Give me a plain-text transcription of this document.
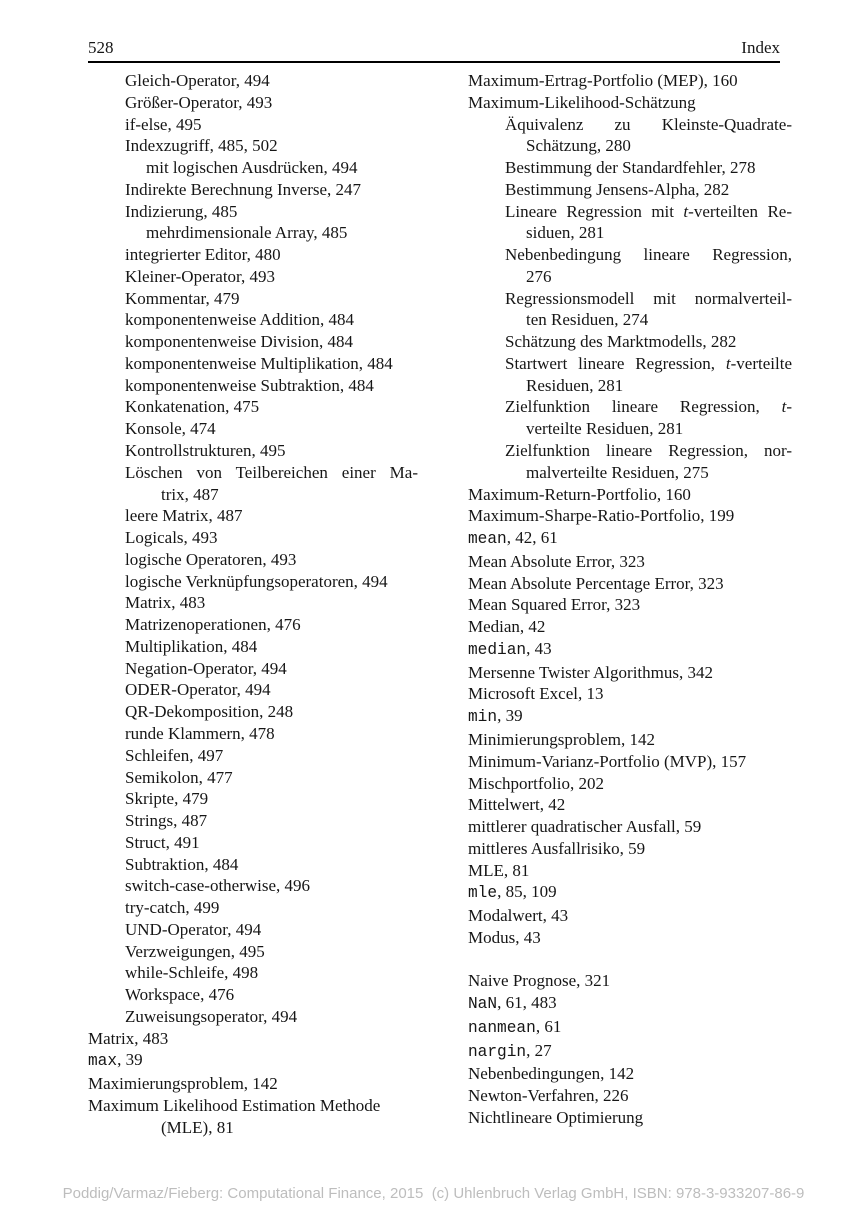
528	Index
Gleich-Operator, 494
Größer-Operator, 493
if-else, 495
Indexzugriff, 485, 502
mit logischen Ausdrücken, 494
Indirekte Berechnung Inverse, 247
Indizierung, 485
mehrdimensionale Array, 485
integrierter Editor, 480
Kleiner-Operator, 493
Kommentar, 479
komponentenweise Addition, 484
komponentenweise Division, 484
komponentenweise Multiplikation, 484
komponentenweise Subtraktion, 484
Konkatenation, 475
Konsole, 474
Kontrollstrukturen, 495
Löschen von Teilbereichen einer Ma-
trix, 487
leere Matrix, 487
Logicals, 493
logische Operatoren, 493
logische Verknüpfungsoperatoren, 494
Matrix, 483
Matrizenoperationen, 476
Multiplikation, 484
Negation-Operator, 494
ODER-Operator, 494
QR-Dekomposition, 248
runde Klammern, 478
Schleifen, 497
Semikolon, 477
Skripte, 479
Strings, 487
Struct, 491
Subtraktion, 484
switch-case-otherwise, 496
try-catch, 499
UND-Operator, 494
Verzweigungen, 495
while-Schleife, 498
Workspace, 476
Zuweisungsoperator, 494
Matrix, 483
max, 39
Maximierungsproblem, 142
Maximum Likelihood Estimation Methode
(MLE), 81
Maximum-Ertrag-Portfolio (MEP), 160
Maximum-Likelihood-Schätzung
Äquivalenz zu Kleinste-Quadrate-
Schätzung, 280
Bestimmung der Standardfehler, 278
Bestimmung Jensens-Alpha, 282
Lineare Regression mit t-verteilten Re-
siduen, 281
Nebenbedingung lineare Regression,
276
Regressionsmodell mit normalverteil-
ten Residuen, 274
Schätzung des Marktmodells, 282
Startwert lineare Regression, t-verteilte
Residuen, 281
Zielfunktion lineare Regression, t-
verteilte Residuen, 281
Zielfunktion lineare Regression, nor-
malverteilte Residuen, 275
Maximum-Return-Portfolio, 160
Maximum-Sharpe-Ratio-Portfolio, 199
mean, 42, 61
Mean Absolute Error, 323
Mean Absolute Percentage Error, 323
Mean Squared Error, 323
Median, 42
median, 43
Mersenne Twister Algorithmus, 342
Microsoft Excel, 13
min, 39
Minimierungsproblem, 142
Minimum-Varianz-Portfolio (MVP), 157
Mischportfolio, 202
Mittelwert, 42
mittlerer quadratischer Ausfall, 59
mittleres Ausfallrisiko, 59
MLE, 81
mle, 85, 109
Modalwert, 43
Modus, 43

Naive Prognose, 321
NaN, 61, 483
nanmean, 61
nargin, 27
Nebenbedingungen, 142
Newton-Verfahren, 226
Nichtlineare Optimierung
Poddig/Varmaz/Fieberg: Computational Finance, 2015  (c) Uhlenbruch Verlag GmbH, ISBN: 978-3-933207-86-9
